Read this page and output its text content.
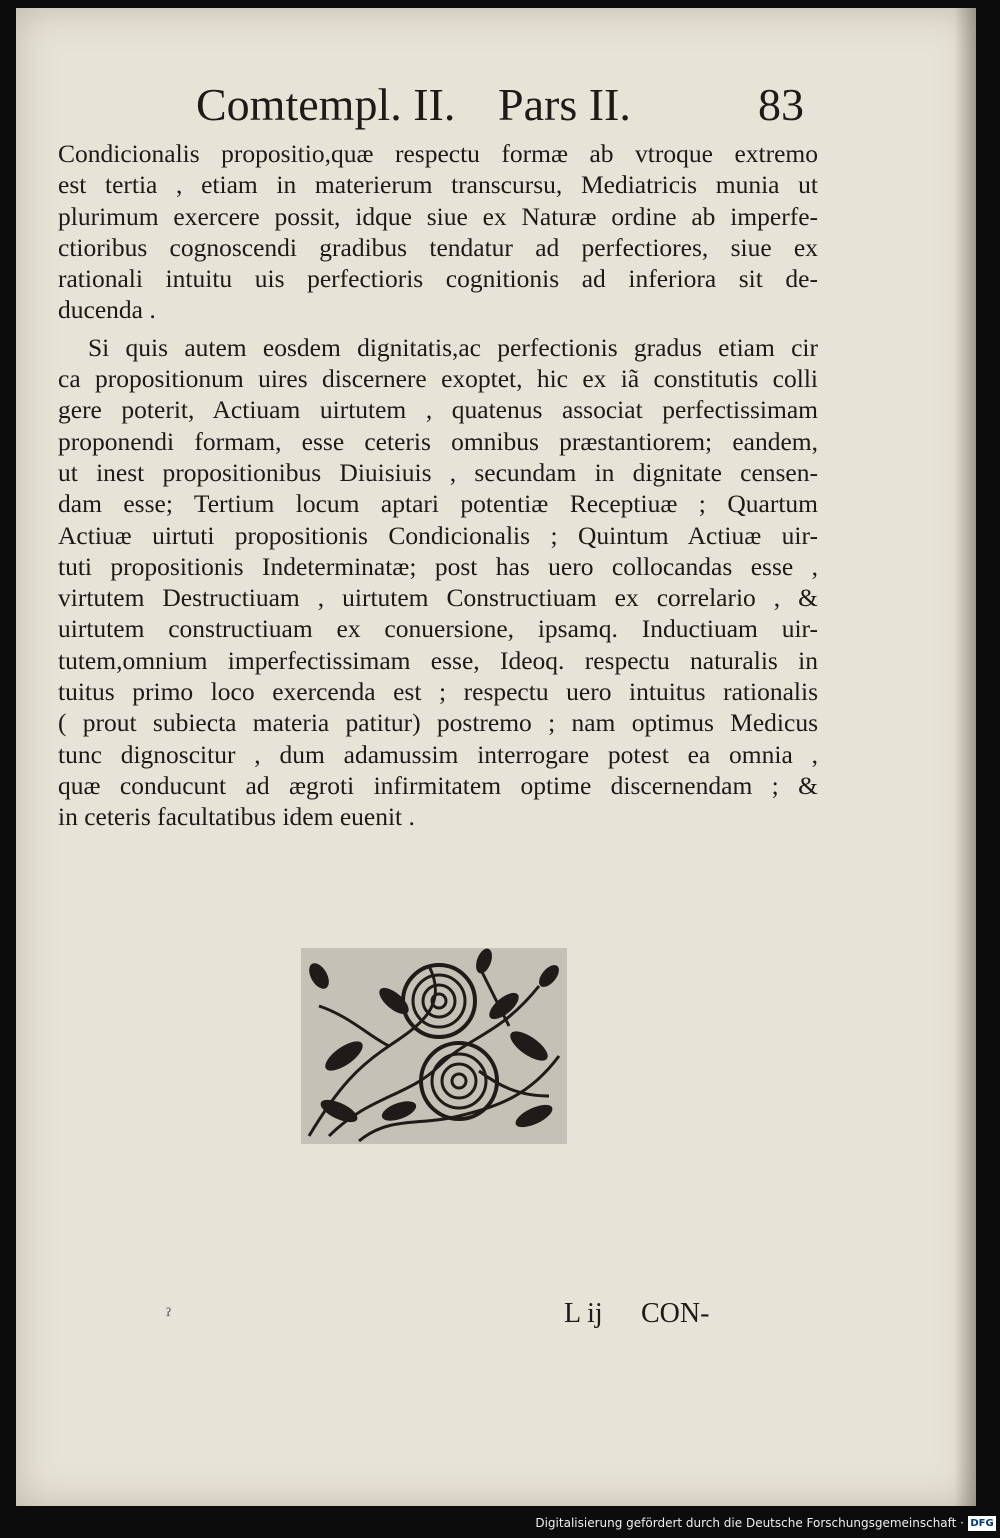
Comtempl. II. Pars II.	83
Condicionalis propositio,quæ respectu formæ ab vtroque extremo
est tertia , etiam in materierum transcursu, Mediatricis munia ut
plurimum exercere possit, idque siue ex Naturæ ordine ab imperfe-
ctioribus cognoscendi gradibus tendatur ad perfectiores, siue ex
rationali intuitu uis perfectioris cognitionis ad inferiora sit de-
ducenda .
Si quis autem eosdem dignitatis,ac perfectionis gradus etiam cir
ca propositionum uires discernere exoptet, hic ex iã constitutis colli
gere poterit, Actiuam uirtutem , quatenus associat perfectissimam
proponendi formam, esse ceteris omnibus præstantiorem; eandem,
ut inest propositionibus Diuisiuis , secundam in dignitate censen-
dam esse; Tertium locum aptari potentiæ Receptiuæ ; Quartum
Actiuæ uirtuti propositionis Condicionalis ; Quintum Actiuæ uir-
tuti propositionis Indeterminatæ; post has uero collocandas esse ,
virtutem Destructiuam , uirtutem Constructiuam ex correlario , &
uirtutem constructiuam ex conuersione, ipsamq. Inductiuam uir-
tutem,omnium imperfectissimam esse, Ideoq. respectu naturalis in
tuitus primo loco exercenda est ; respectu uero intuitus rationalis
( prout subiecta materia patitur) postremo ; nam optimus Medicus
tunc dignoscitur , dum adamussim interrogare potest ea omnia ,
quæ conducunt ad ægroti infirmitatem optime discernendam ; &
in ceteris facultatibus idem euenit .
ˀ	L ij CON-
Digitalisierung gefördert durch die Deutsche Forschungsgemeinschaft · DFG
